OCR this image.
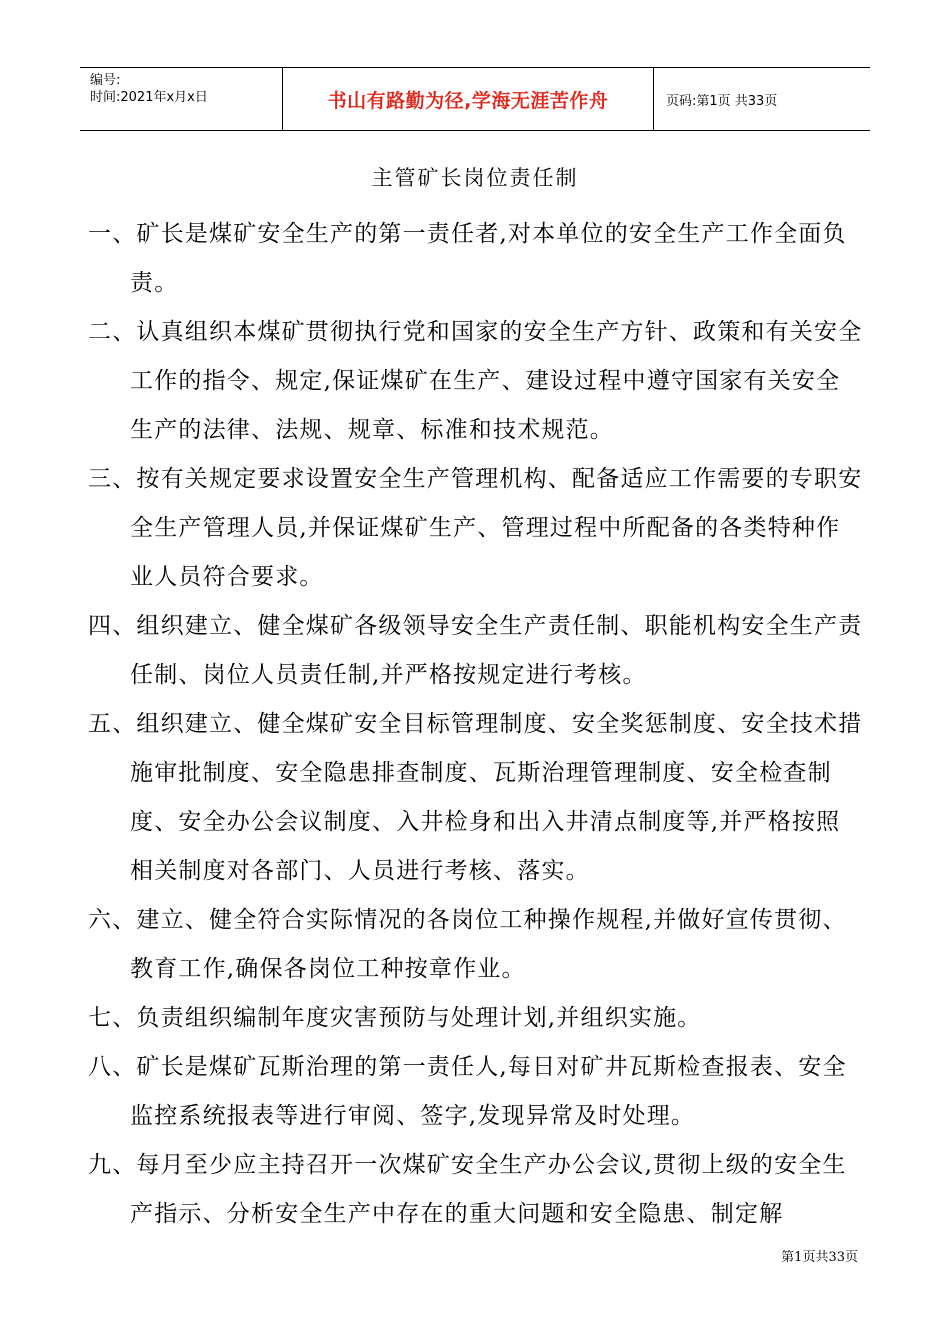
编号:
时间:2021年x月x日	书山有路勤为径,学海无涯苦作舟	页码:第1页 共33页
主管矿长岗位责任制

一、矿长是煤矿安全生产的第一责任者,对本单位的安全生产工作全面负责。

二、认真组织本煤矿贯彻执行党和国家的安全生产方针、政策和有关安全工作的指令、规定,保证煤矿在生产、建设过程中遵守国家有关安全生产的法律、法规、规章、标准和技术规范。

三、按有关规定要求设置安全生产管理机构、配备适应工作需要的专职安全生产管理人员,并保证煤矿生产、管理过程中所配备的各类特种作业人员符合要求。

四、组织建立、健全煤矿各级领导安全生产责任制、职能机构安全生产责任制、岗位人员责任制,并严格按规定进行考核。

五、组织建立、健全煤矿安全目标管理制度、安全奖惩制度、安全技术措施审批制度、安全隐患排查制度、瓦斯治理管理制度、安全检查制度、安全办公会议制度、入井检身和出入井清点制度等,并严格按照相关制度对各部门、人员进行考核、落实。

六、建立、健全符合实际情况的各岗位工种操作规程,并做好宣传贯彻、教育工作,确保各岗位工种按章作业。

七、负责组织编制年度灾害预防与处理计划,并组织实施。

八、矿长是煤矿瓦斯治理的第一责任人,每日对矿井瓦斯检查报表、安全监控系统报表等进行审阅、签字,发现异常及时处理。

九、每月至少应主持召开一次煤矿安全生产办公会议,贯彻上级的安全生产指示、分析安全生产中存在的重大问题和安全隐患、制定解

第1页共33页
